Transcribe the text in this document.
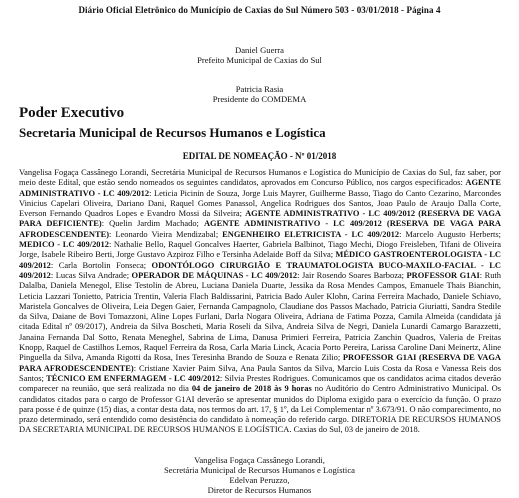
Diário Oficial Eletrônico do Município de Caxias do Sul Número 503 - 03/01/2018 - Página 4
Daniel Guerra
Prefeito Municipal de Caxias do Sul
Patricia Rasia
Presidente do COMDEMA
Poder Executivo
Secretaria Municipal de Recursos Humanos e Logística
EDITAL DE NOMEAÇÃO - Nº 01/2018
Vangelisa Fogaça Cassânego Lorandi, Secretária Municipal de Recursos Humanos e Logística do Município de Caxias do Sul, faz saber, por meio deste Edital, que estão sendo nomeados os seguintes candidatos, aprovados em Concurso Público, nos cargos especificados: AGENTE ADMINISTRATIVO - LC 409/2012: Leticia Picinin de Souza, Jorge Luis Mayrer, Guilherme Basso, Tiago do Canto Cezarino, Marcondes Vinicius Capelari Oliveira, Dariano Dani, Raquel Gomes Panassol, Angelica Rodrigues dos Santos, Joao Paulo de Araujo Dalla Corte, Everson Fernando Quadros Lopes e Evandro Mossi da Silveira; AGENTE ADMINISTRATIVO - LC 409/2012 (RESERVA DE VAGA PARA DEFICIENTE): Quelin Jardim Machado; AGENTE ADMINISTRATIVO - LC 409/2012 (RESERVA DE VAGA PARA AFRODESCENDENTE): Leonardo Vieira Mendizabal; ENGENHEIRO ELETRICISTA - LC 409/2012: Marcelo Augusto Herberts; MEDICO - LC 409/2012: Nathalie Bello, Raquel Goncalves Haerter, Gabriela Balbinot, Tiago Mechi, Diogo Freisleben, Tifani de Oliveira Jorge, Isabele Ribeiro Berti, Jorge Gustavo Azpiroz Filho e Tersinha Adelaide Boff da Silva; MÉDICO GASTROENTEROLOGISTA - LC 409/2012: Carla Bortolin Fonseca; ODONTÓLOGO CIRURGIÃO E TRAUMATOLOGISTA BUCO-MAXILO-FACIAL - LC 409/2012: Lucas Silva Andrade; OPERADOR DE MÁQUINAS - LC 409/2012: Jair Rosendo Soares Barboza; PROFESSOR G1AI: Ruth Dalalba, Daniela Menegol, Elise Testolin de Abreu, Luciana Daniela Duarte, Jessika da Rosa Mendes Campos, Emanuele Thais Bianchin, Leticia Lazzari Tonietto, Patricia Trentin, Valeria Flach Baldissarini, Patricia Bado Auler Klohn, Carina Ferreira Machado, Daniele Schiavo, Maristela Goncalves de Oliveira, Leia Degen Gaier, Fernanda Campagnolo, Claudiane dos Passos Machado, Patricia Giuriatti, Sandra Stedile da Silva, Daiane de Bovi Tomazzoni, Aline Lopes Furlani, Darla Nogara Oliveira, Adriana de Fatima Pozza, Camila Almeida (candidata já citada Edital nº 09/2017), Andreia da Silva Boscheti, Maria Roseli da Silva, Andreia Silva de Negri, Daniela Lunardi Camargo Barazzetti, Janaina Fernanda Dal Sotto, Renata Meneghel, Sabrina de Lima, Danusa Primieri Ferreira, Patricia Zanchin Quadros, Valeria de Freitas Knopp, Raquel de Castilhos Lemos, Raquel Ferreira da Rosa, Carla Maria Linck, Acacia Porto Pereira, Larissa Caroline Dani Meinertz, Aline Pinguella da Silva, Amanda Rigotti da Rosa, Ines Teresinha Brando de Souza e Renata Zilio; PROFESSOR G1AI (RESERVA DE VAGA PARA AFRODESCENDENTE): Cristiane Xavier Paim Silva, Ana Paula Santos da Silva, Marcio Luis Costa da Rosa e Vanessa Reis dos Santos; TÉCNICO EM ENFERMAGEM - LC 409/2012: Silvia Prestes Rodrigues. Comunicamos que os candidatos acima citados deverão comparecer na reunião, que será realizada no dia 04 de janeiro de 2018 às 9 horas no Auditório do Centro Administrativo Municipal. Os candidatos citados para o cargo de Professor G1AI deverão se apresentar munidos do Diploma exigido para o exercício da função. O prazo para posse é de quinze (15) dias, a contar desta data, nos termos do art. 17, § 1º, da Lei Complementar nº 3.673/91. O não comparecimento, no prazo determinado, será entendido como desistência do candidato à nomeação do referido cargo. DIRETORIA DE RECURSOS HUMANOS DA SECRETARIA MUNICIPAL DE RECURSOS HUMANOS E LOGÍSTICA. Caxias do Sul, 03 de janeiro de 2018.
Vangelisa Fogaça Cassânego Lorandi,
Secretária Municipal de Recursos Humanos e Logística
Edelvan Peruzzo,
Diretor de Recursos Humanos
